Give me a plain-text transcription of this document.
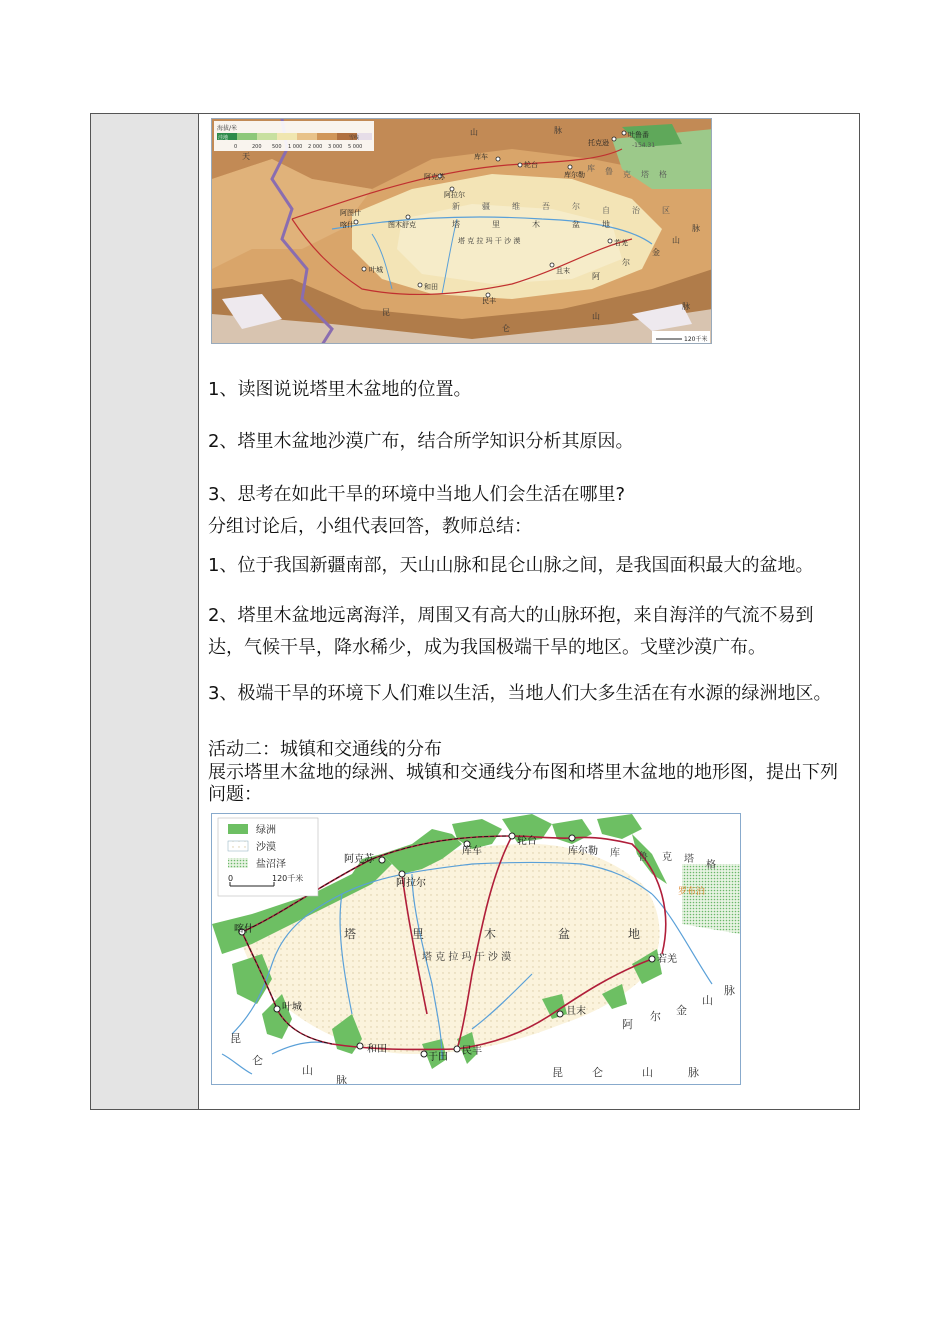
海拔/米
洼地	雪线
0	200 500 1 000 2 000 3 000 5 000
库车
轮台
库尔勒
托克逊
吐鲁番
阿克苏
阿拉尔
阿图什
喀什	图木舒克
叶城
和田
民丰
且末
若羌
塔	里	木	盆	地
塔 克 拉 玛 干 沙 漠
天
山	脉
昆
仑
山
脉
阿
尔
金
山
脉
新	疆	维	吾	尔	自	治	区
库 鲁 克 塔 格
-154.31
120千米
1、读图说说塔里木盆地的位置。
2、塔里木盆地沙漠广布，结合所学知识分析其原因。
3、思考在如此干旱的环境中当地人们会生活在哪里?
分组讨论后，小组代表回答，教师总结：
1、位于我国新疆南部，天山山脉和昆仑山脉之间，是我国面积最大的盆地。
2、塔里木盆地远离海洋，周围又有高大的山脉环抱，来自海洋的气流不易到达，气候干旱，降水稀少，成为我国极端干旱的地区。戈壁沙漠广布。
3、极端干旱的环境下人们难以生活，当地人们大多生活在有水源的绿洲地区。
活动二：城镇和交通线的分布
展示塔里木盆地的绿洲、城镇和交通线分布图和塔里木盆地的地形图，提出下列问题：
绿洲
沙漠
盐沼泽
0	120千米
阿克苏
库车
轮台
库尔勒
阿拉尔
喀什
叶城
和田
于田
民丰
且末
若羌
塔	里	木	盆	地
塔 克 拉 玛 干 沙 漠
库 鲁 克 塔
格
罗布泊
博斯腾湖
昆
仑
山
脉
昆	仑	山	脉
阿
尔 金
山
脉
